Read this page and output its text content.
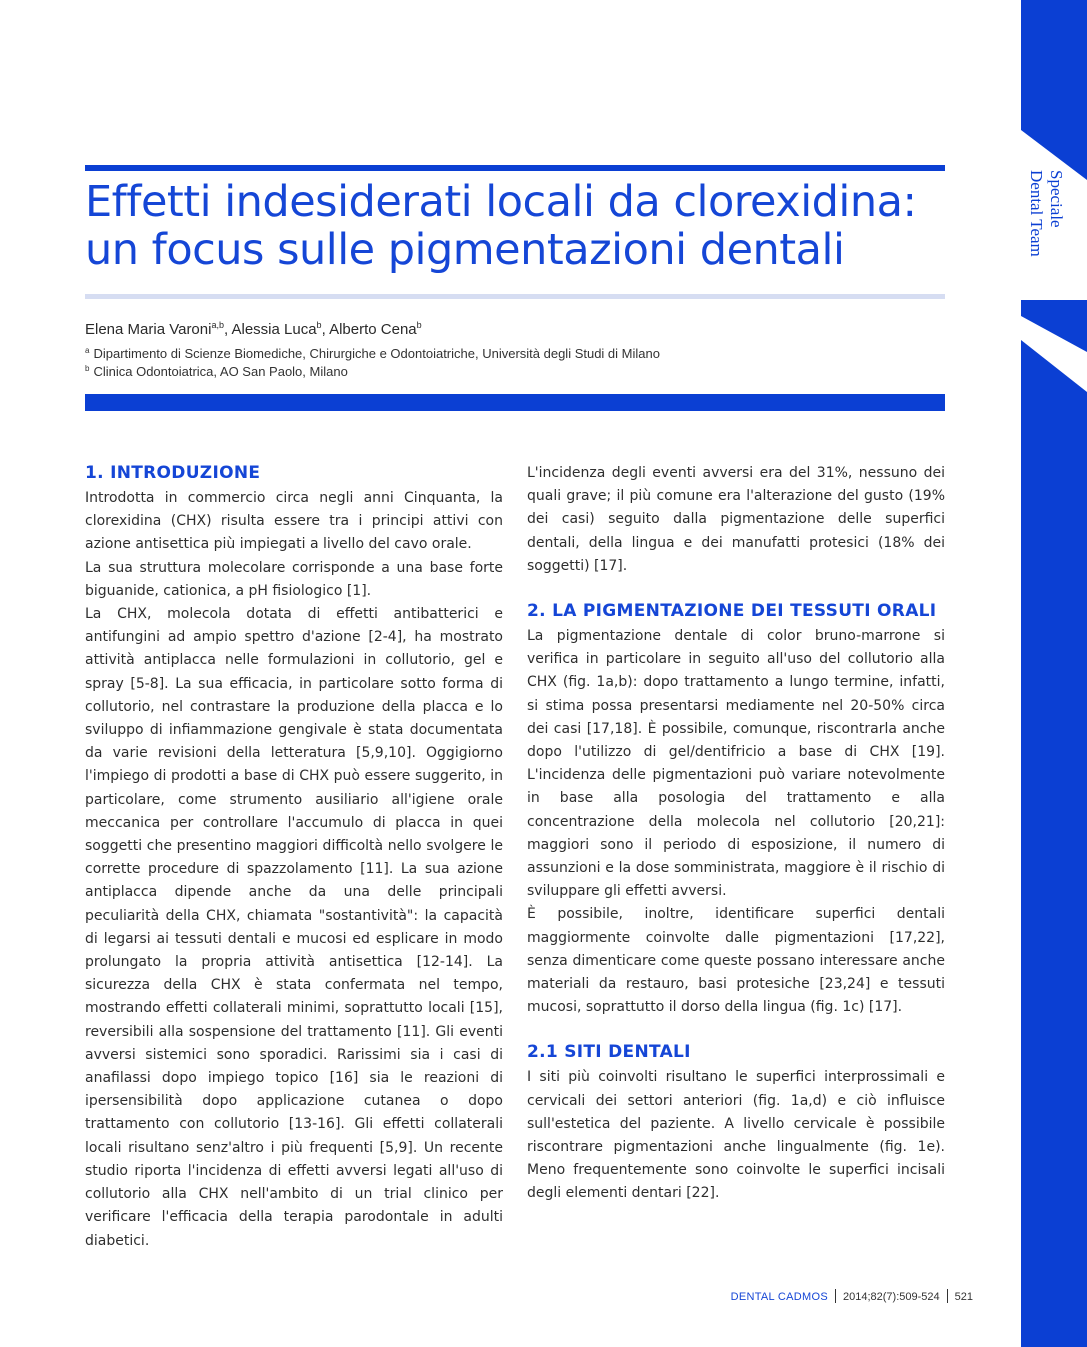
Speciale
Dental Team
Effetti indesiderati locali da clorexidina:
un focus sulle pigmentazioni dentali
Elena Maria Varoni$^{a,b}$, Alessia Luca$^b$, Alberto Cena$^b$
$^a$ Dipartimento di Scienze Biomediche, Chirurgiche e Odontoiatriche, Università degli Studi di Milano
$^b$ Clinica Odontoiatrica, AO San Paolo, Milano
1. INTRODUZIONE

Introdotta in commercio circa negli anni Cinquanta, la clorexidina (CHX) risulta essere tra i principi attivi con azione antisettica più impiegati a livello del cavo orale.

La sua struttura molecolare corrisponde a una base forte biguanide, cationica, a pH fisiologico [1].

La CHX, molecola dotata di effetti antibatterici e antifungini ad ampio spettro d'azione [2-4], ha mostrato attività antiplacca nelle formulazioni in collutorio, gel e spray [5-8]. La sua efficacia, in particolare sotto forma di collutorio, nel contrastare la produzione della placca e lo sviluppo di infiammazione gengivale è stata documentata da varie revisioni della letteratura [5,9,10]. Oggigiorno l'impiego di prodotti a base di CHX può essere suggerito, in particolare, come strumento ausiliario all'igiene orale meccanica per controllare l'accumulo di placca in quei soggetti che presentino maggiori difficoltà nello svolgere le corrette procedure di spazzolamento [11]. La sua azione antiplacca dipende anche da una delle principali peculiarità della CHX, chiamata "sostantività": la capacità di legarsi ai tessuti dentali e mucosi ed esplicare in modo prolungato la propria attività antisettica [12-14]. La sicurezza della CHX è stata confermata nel tempo, mostrando effetti collaterali minimi, soprattutto locali [15], reversibili alla sospensione del trattamento [11]. Gli eventi avversi sistemici sono sporadici. Rarissimi sia i casi di anafilassi dopo impiego topico [16] sia le reazioni di ipersensibilità dopo applicazione cutanea o dopo trattamento con collutorio [13-16]. Gli effetti collaterali locali risultano senz'altro i più frequenti [5,9]. Un recente studio riporta l'incidenza di effetti avversi legati all'uso di collutorio alla CHX nell'ambito di un trial clinico per verificare l'efficacia della terapia parodontale in adulti diabetici.

L'incidenza degli eventi avversi era del 31%, nessuno dei quali grave; il più comune era l'alterazione del gusto (19% dei casi) seguito dalla pigmentazione delle superfici dentali, della lingua e dei manufatti protesici (18% dei soggetti) [17].

2. LA PIGMENTAZIONE DEI TESSUTI ORALI

La pigmentazione dentale di color bruno-marrone si verifica in particolare in seguito all'uso del collutorio alla CHX (fig. 1a,b): dopo trattamento a lungo termine, infatti, si stima possa presentarsi mediamente nel 20-50% circa dei casi [17,18]. È possibile, comunque, riscontrarla anche dopo l'utilizzo di gel/dentifricio a base di CHX [19]. L'incidenza delle pigmentazioni può variare notevolmente in base alla posologia del trattamento e alla concentrazione della molecola nel collutorio [20,21]: maggiori sono il periodo di esposizione, il numero di assunzioni e la dose somministrata, maggiore è il rischio di sviluppare gli effetti avversi.

È possibile, inoltre, identificare superfici dentali maggiormente coinvolte dalle pigmentazioni [17,22], senza dimenticare come queste possano interessare anche materiali da restauro, basi protesiche [23,24] e tessuti mucosi, soprattutto il dorso della lingua (fig. 1c) [17].

2.1 SITI DENTALI

I siti più coinvolti risultano le superfici interprossimali e cervicali dei settori anteriori (fig. 1a,d) e ciò influisce sull'estetica del paziente. A livello cervicale è possibile riscontrare pigmentazioni anche lingualmente (fig. 1e). Meno frequentemente sono coinvolte le superfici incisali degli elementi dentari [22].

DENTAL CADMOS 2014;82(7):509-524 521
